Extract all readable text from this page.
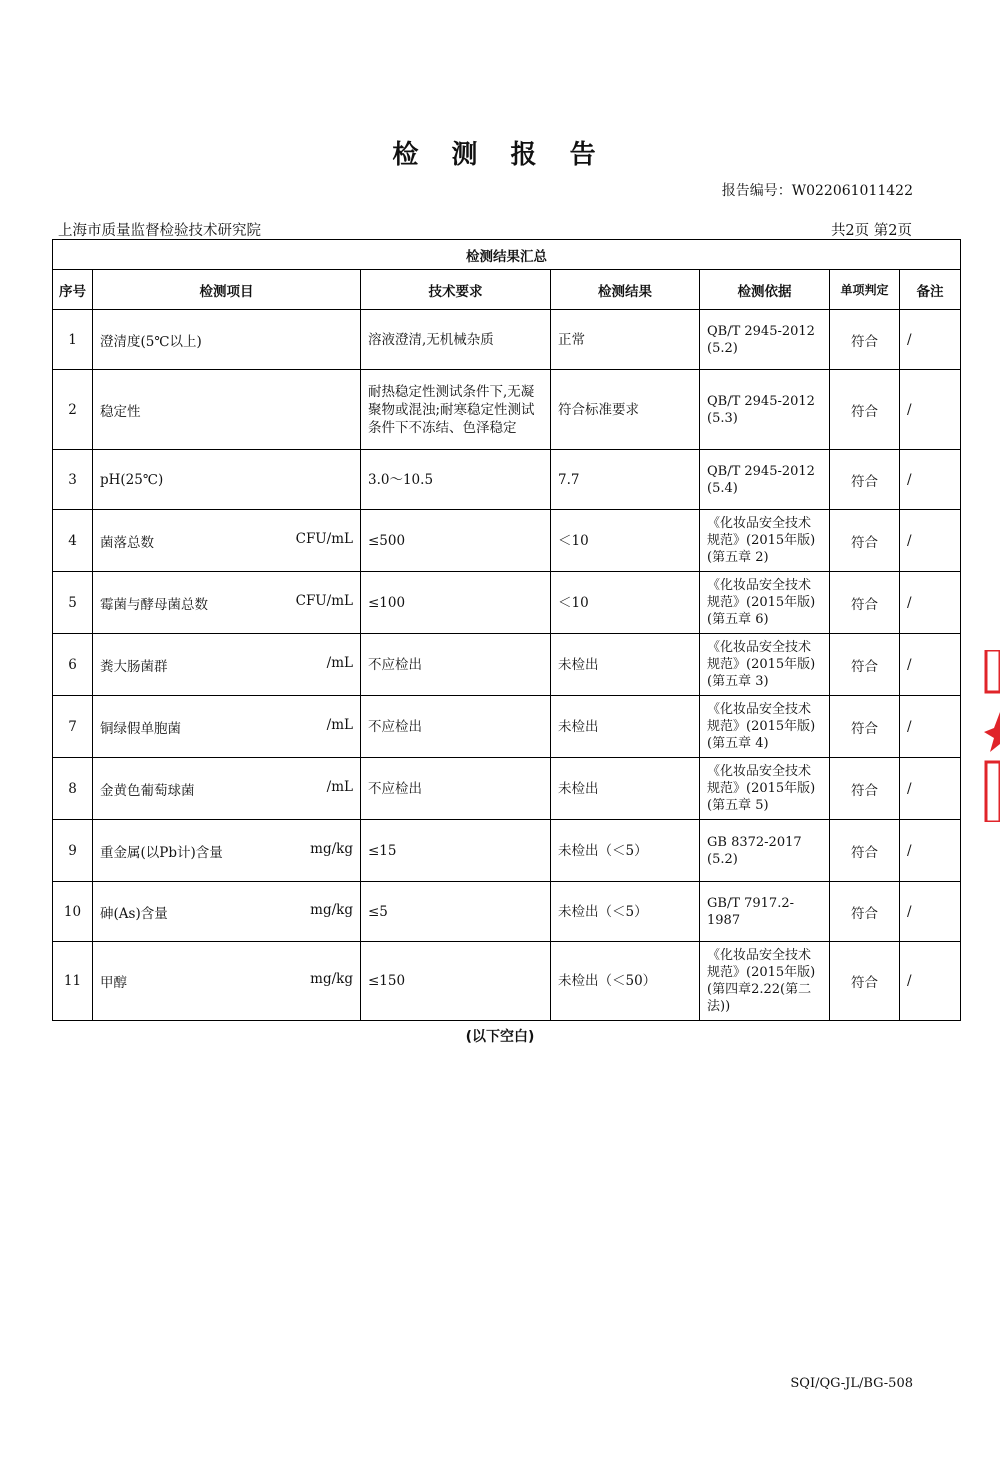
检 测 报 告
报告编号：W022061011422
上海市质量监督检验技术研究院	共2页 第2页
检测结果汇总						
序号	检测项目	技术要求	检测结果	检测依据	单项判定	备注
1	澄清度(5℃以上)	溶液澄清,无机械杂质	正常	QB/T 2945-2012 (5.2)	符合	/
2	稳定性	耐热稳定性测试条件下,无凝聚物或混浊;耐寒稳定性测试条件下不冻结、色泽稳定	符合标准要求	QB/T 2945-2012 (5.3)	符合	/
3	pH(25℃)	3.0～10.5	7.7	QB/T 2945-2012 (5.4)	符合	/
4	菌落总数 CFU/mL	≤500	＜10	《化妆品安全技术规范》(2015年版)(第五章 2)	符合	/
5	霉菌与酵母菌总数 CFU/mL	≤100	＜10	《化妆品安全技术规范》(2015年版)(第五章 6)	符合	/
6	粪大肠菌群 /mL	不应检出	未检出	《化妆品安全技术规范》(2015年版)(第五章 3)	符合	/
7	铜绿假单胞菌 /mL	不应检出	未检出	《化妆品安全技术规范》(2015年版)(第五章 4)	符合	/
8	金黄色葡萄球菌 /mL	不应检出	未检出	《化妆品安全技术规范》(2015年版)(第五章 5)	符合	/
9	重金属(以Pb计)含量 mg/kg	≤15	未检出（＜5）	GB 8372-2017 (5.2)	符合	/
10	砷(As)含量 mg/kg	≤5	未检出（＜5）	GB/T 7917.2-1987	符合	/
11	甲醇 mg/kg	≤150	未检出（＜50）	《化妆品安全技术规范》(2015年版)(第四章2.22(第二法))	符合	/
(以下空白)
SQI/QG-JL/BG-508
